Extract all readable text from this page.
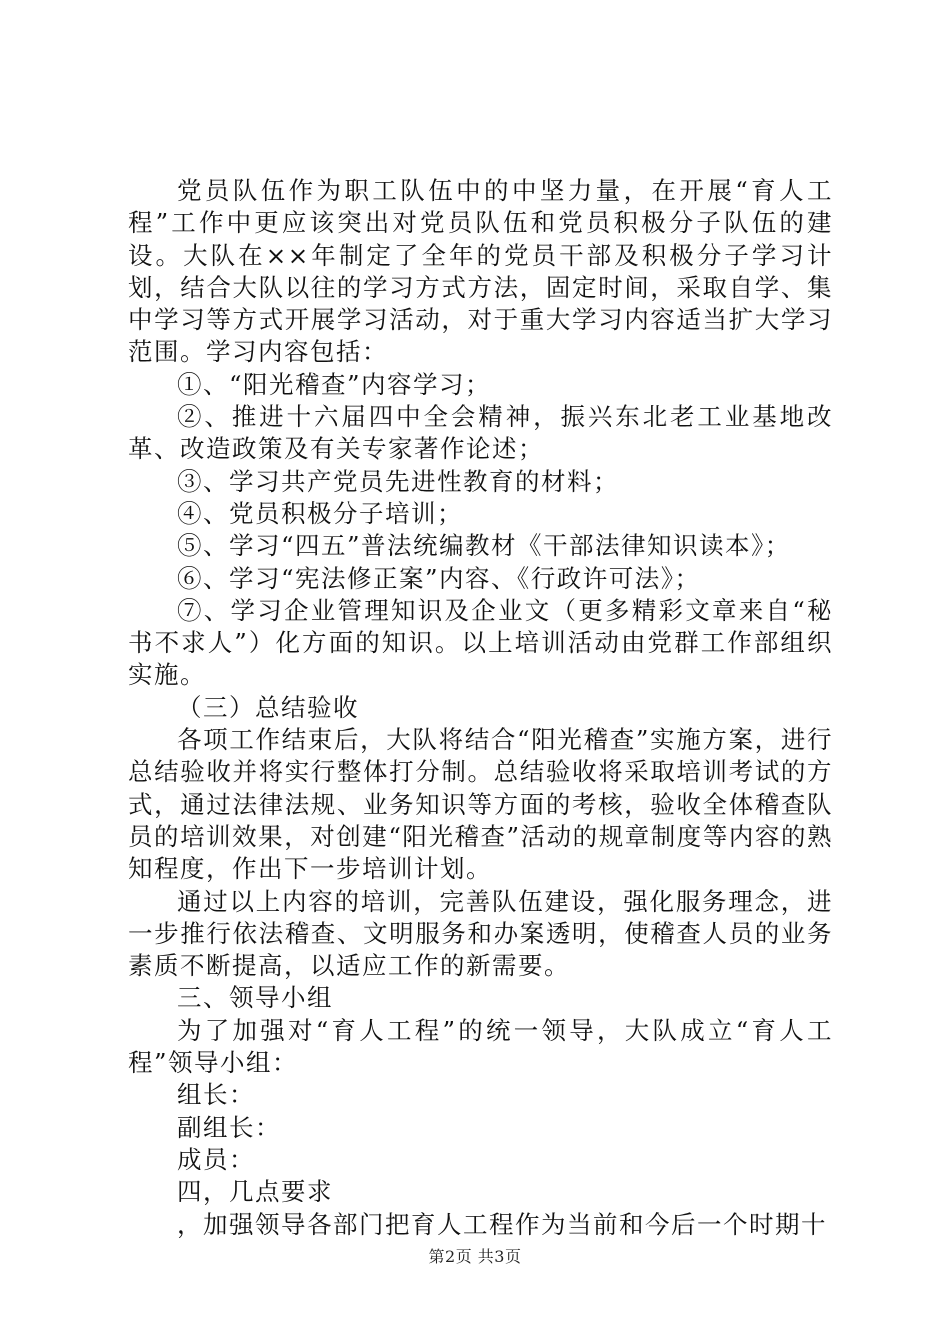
党员队伍作为职工队伍中的中坚力量，在开展“育人工程”工作中更应该突出对党员队伍和党员积极分子队伍的建设。大队在××年制定了全年的党员干部及积极分子学习计划，结合大队以往的学习方式方法，固定时间，采取自学、集中学习等方式开展学习活动，对于重大学习内容适当扩大学习范围。学习内容包括：

①、“阳光稽查”内容学习；

②、推进十六届四中全会精神，振兴东北老工业基地改革、改造政策及有关专家著作论述；

③、学习共产党员先进性教育的材料；

④、党员积极分子培训；

⑤、学习“四五”普法统编教材《干部法律知识读本》；

⑥、学习“宪法修正案”内容、《行政许可法》；

⑦、学习企业管理知识及企业文（更多精彩文章来自“秘书不求人”）化方面的知识。以上培训活动由党群工作部组织实施。

（三）总结验收

各项工作结束后，大队将结合“阳光稽查”实施方案，进行总结验收并将实行整体打分制。总结验收将采取培训考试的方式，通过法律法规、业务知识等方面的考核，验收全体稽查队员的培训效果，对创建“阳光稽查”活动的规章制度等内容的熟知程度，作出下一步培训计划。

通过以上内容的培训，完善队伍建设，强化服务理念，进一步推行依法稽查、文明服务和办案透明，使稽查人员的业务素质不断提高，以适应工作的新需要。

三、领导小组

为了加强对“育人工程”的统一领导，大队成立“育人工程”领导小组：

组长：

副组长：

成员：

四，几点要求

，加强领导各部门把育人工程作为当前和今后一个时期十

第2页 共3页
